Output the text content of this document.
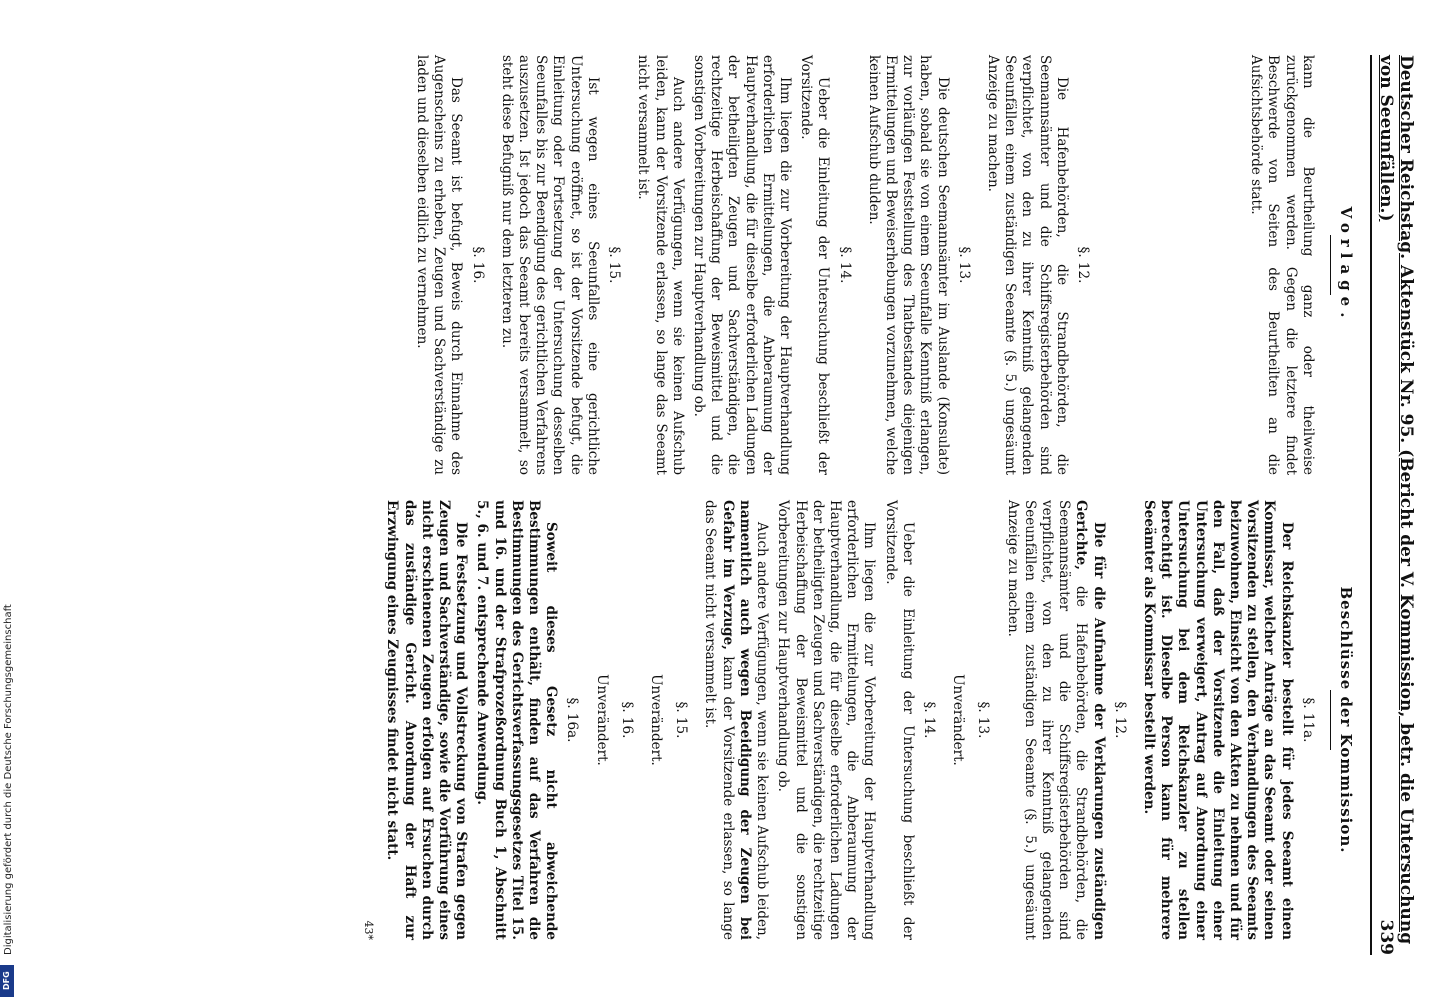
Deutscher Reichstag. Aktenstück Nr. 95. (Bericht der V. Kommission, betr. die Untersuchung von Seeunfällen.)
339
Vorlage.

kann die Beurtheilung ganz oder theilweise zurückgenommen werden. Gegen die letztere findet Beschwerde von Seiten des Beurtheilten an die Aufsichtsbehörde statt.

§. 12.

Die Hafenbehörden, die Strandbehörden, die Seemannsämter und die Schiffsregisterbehörden sind verpflichtet, von den zu ihrer Kenntniß gelangenden Seeunfällen einem zuständigen Seeamte (§. 5.) ungesäumt Anzeige zu machen.

§. 13.

Die deutschen Seemannsämter im Auslande (Konsulate) haben, sobald sie von einem Seeunfalle Kenntniß erlangen, zur vorläufigen Feststellung des Thatbestandes diejenigen Ermittelungen und Beweiserhebungen vorzunehmen, welche keinen Aufschub dulden.

§. 14.

Ueber die Einleitung der Untersuchung beschließt der Vorsitzende.

Ihm liegen die zur Vorbereitung der Hauptverhandlung erforderlichen Ermittelungen, die Anberaumung der Hauptverhandlung, die für dieselbe erforderlichen Ladungen der betheiligten Zeugen und Sachverständigen, die rechtzeitige Herbeischaffung der Beweismittel und die sonstigen Vorbereitungen zur Hauptverhandlung ob.

Auch andere Verfügungen, wenn sie keinen Aufschub leiden, kann der Vorsitzende erlassen, so lange das Seeamt nicht versammelt ist.

§. 15.

Ist wegen eines Seeunfalles eine gerichtliche Untersuchung eröffnet, so ist der Vorsitzende befugt, die Einleitung oder Fortsetzung der Untersuchung desselben Seeunfalles bis zur Beendigung des gerichtlichen Verfahrens auszusetzen. Ist jedoch das Seeamt bereits versammelt, so steht diese Befugniß nur dem letzteren zu.

§. 16.

Das Seeamt ist befugt, Beweis durch Einnahme des Augenscheins zu erheben, Zeugen und Sachverständige zu laden und dieselben eidlich zu vernehmen.

Beschlüsse der Kommission.
§. 11a.

Der Reichskanzler bestellt für jedes Seeamt einen Kommissar, welcher Anträge an das Seeamt oder seinen Vorsitzenden zu stellen, den Verhandlungen des Seeamts beizuwohnen, Einsicht von den Akten zu nehmen und für den Fall, daß der Vorsitzende die Einleitung einer Untersuchung verweigert, Antrag auf Anordnung einer Untersuchung bei dem Reichskanzler zu stellen berechtigt ist. Dieselbe Person kann für mehrere Seeämter als Kommissar bestellt werden.

§. 12.

Die für die Aufnahme der Verklarungen zuständigen Gerichte, die Hafenbehörden, die Strandbehörden, die Seemannsämter und die Schiffsregisterbehörden sind verpflichtet, von den zu ihrer Kenntniß gelangenden Seeunfällen einem zuständigen Seeamte (§. 5.) ungesäumt Anzeige zu machen.

§. 13.
Unverändert.
§. 14.

Ueber die Einleitung der Untersuchung beschließt der Vorsitzende.

Ihm liegen die zur Vorbereitung der Hauptverhandlung erforderlichen Ermittelungen, die Anberaumung der Hauptverhandlung, die für dieselbe erforderlichen Ladungen der betheiligten Zeugen und Sachverständigen, die rechtzeitige Herbeischaffung der Beweismittel und die sonstigen Vorbereitungen zur Hauptverhandlung ob.

Auch andere Verfügungen, wenn sie keinen Aufschub leiden, namentlich auch wegen Beeidigung der Zeugen bei Gefahr im Verzuge, kann der Vorsitzende erlassen, so lange das Seeamt nicht versammelt ist.

§. 15.
Unverändert.
§. 16.
Unverändert.
§. 16a.

Soweit dieses Gesetz nicht abweichende Bestimmungen enthält, finden auf das Verfahren die Bestimmungen des Gerichtsverfassungsgesetzes Titel 15. und 16. und der Strafprozeßordnung Buch 1, Abschnitt 5., 6. und 7. entsprechende Anwendung.

Die Festsetzung und Vollstreckung von Strafen gegen Zeugen und Sachverständige, sowie die Vorführung eines nicht erschienenen Zeugen erfolgen auf Ersuchen durch das zuständige Gericht. Anordnung der Haft zur Erzwingung eines Zeugnisses findet nicht statt.

43*
DFG
Digitalisierung gefördert durch die Deutsche Forschungsgemeinschaft
